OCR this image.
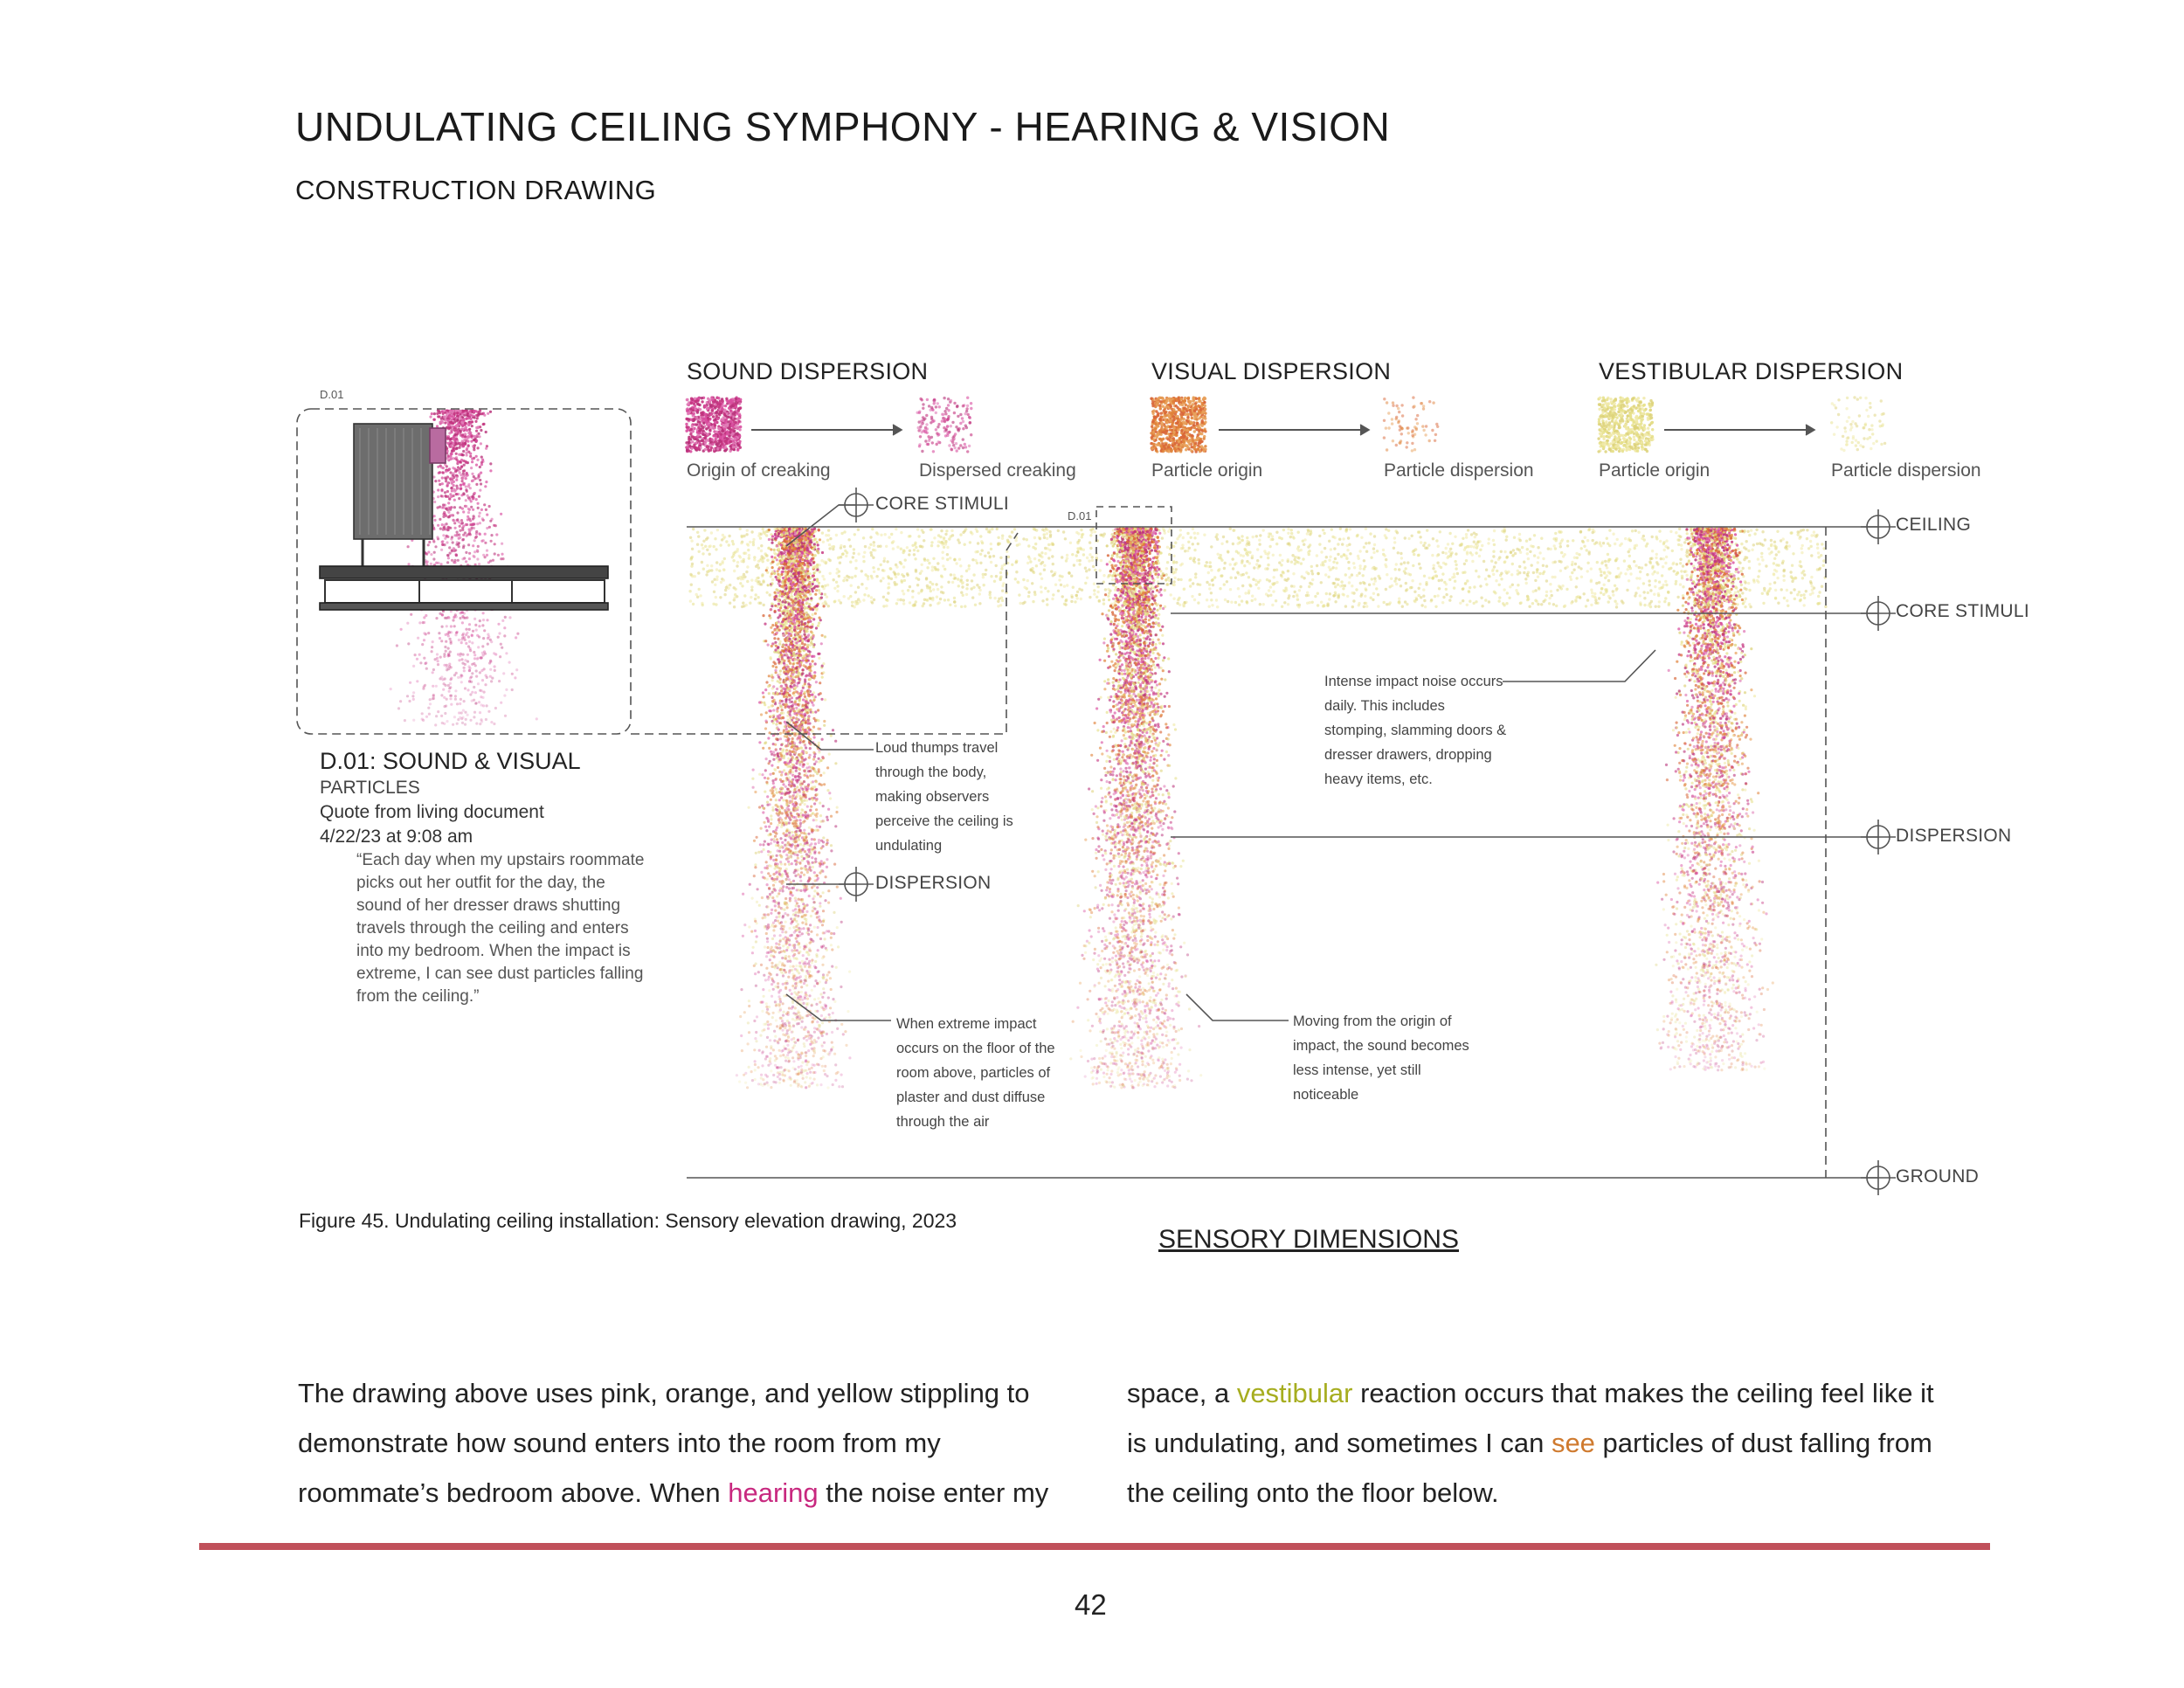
UNDULATING CEILING SYMPHONY - HEARING & VISION
CONSTRUCTION DRAWING
SOUND DISPERSION	VISUAL DISPERSION	VESTIBULAR DISPERSION
Origin of creaking	Dispersed creaking	Particle origin	Particle dispersion	Particle origin	Particle dispersion
CEILING
CORE STIMULI
DISPERSION
GROUND
CORE STIMULI
DISPERSION
D.01
D.01
D.01: SOUND & VISUAL
PARTICLES
Quote from living document
4/22/23 at 9:08 am
“Each day when my upstairs roommate picks out her outfit for the day, the sound of her dresser draws shutting travels through the ceiling and enters into my bedroom. When the impact is extreme, I can see dust particles falling from the ceiling.”
Loud thumps travel through the body, making observers perceive the ceiling is undulating
When extreme impact occurs on the floor of the room above, particles of plaster and dust diffuse through the air
Intense impact noise occurs daily. This includes stomping, slamming doors & dresser drawers, dropping heavy items, etc.
Moving from the origin of impact, the sound becomes less intense, yet still noticeable
Figure 45. Undulating ceiling installation: Sensory elevation drawing, 2023
SENSORY DIMENSIONS
The drawing above uses pink, orange, and yellow stippling to demonstrate how sound enters into the room from my roommate’s bedroom above. When hearing the noise enter my
space, a vestibular reaction occurs that makes the ceiling feel like it is undulating, and sometimes I can see particles of dust falling from the ceiling onto the floor below.
42
